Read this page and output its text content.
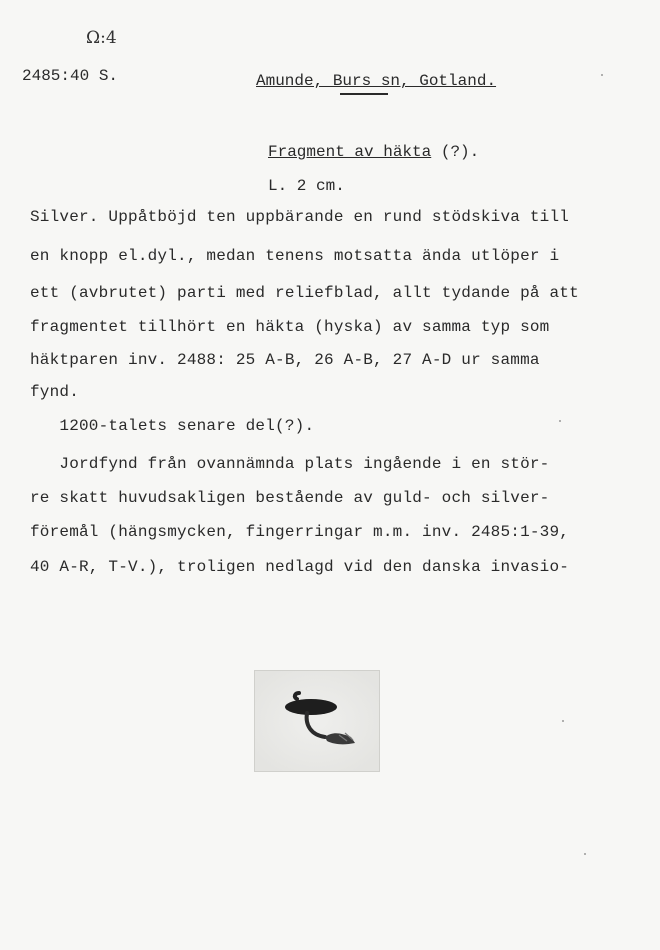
Ω:4
2485:40 S.	Amunde, Burs sn, Gotland.
Fragment av häkta (?).
L. 2 cm.
Silver. Uppåtböjd ten uppbärande en rund stödskiva till
en knopp el.dyl., medan tenens motsatta ända utlöper i
ett (avbrutet) parti med reliefblad, allt tydande på att
fragmentet tillhört en häkta (hyska) av samma typ som
häktparen inv. 2488: 25 A-B, 26 A-B, 27 A-D ur samma
fynd.
1200-talets senare del(?).
Jordfynd från ovannämnda plats ingående i en stör-
re skatt huvudsakligen bestående av guld- och silver-
föremål (hängsmycken, fingerringar m.m. inv. 2485:1-39,
40 A-R, T-V.), troligen nedlagd vid den danska invasio-
